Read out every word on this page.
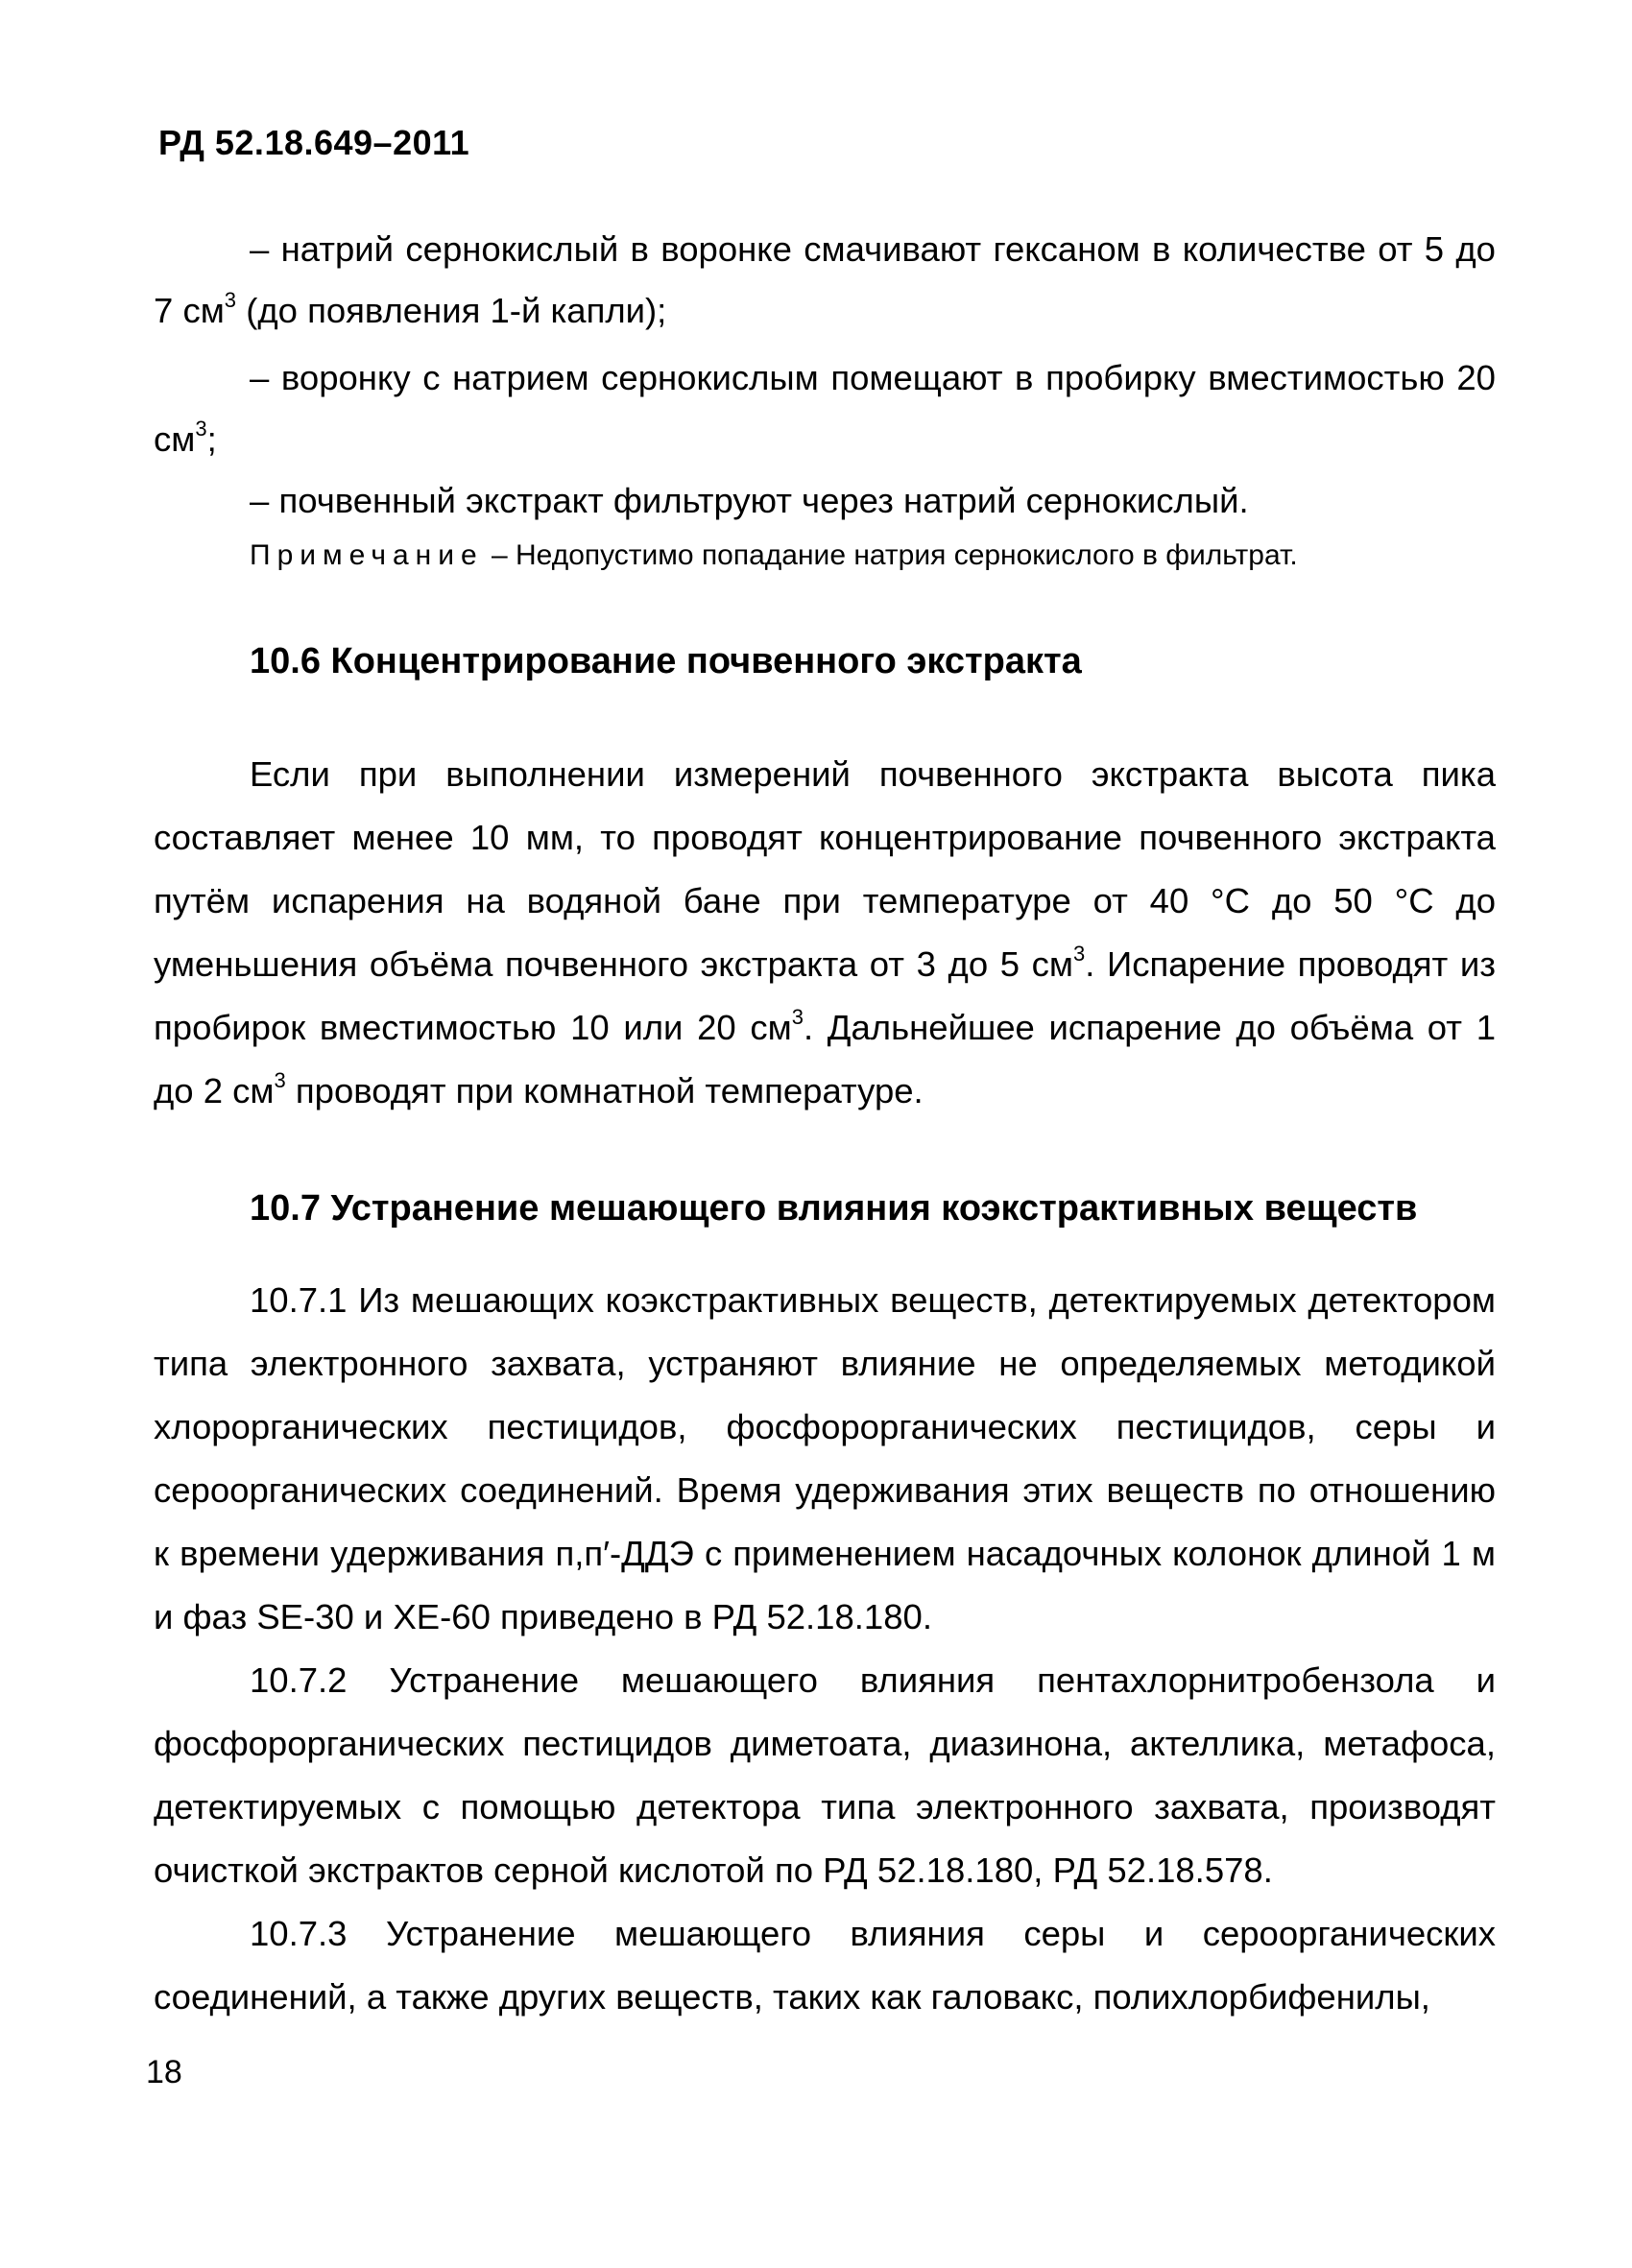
РД 52.18.649–2011

– натрий сернокислый в воронке смачивают гексаном в количестве от 5 до 7 $см^3$ (до появления 1-й капли);

– воронку с натрием сернокислым помещают в пробирку вместимостью 20 $см^3$;

– почвенный экстракт фильтруют через натрий сернокислый.

Примечание – Недопустимо попадание натрия сернокислого в фильтрат.

10.6 Концентрирование почвенного экстракта

Если при выполнении измерений почвенного экстракта высота пика составляет менее 10 мм, то проводят концентрирование почвенного экстракта путём испарения на водяной бане при температуре от 40 °С до 50 °С до уменьшения объёма почвенного экстракта от 3 до 5 $см^3$. Испарение проводят из пробирок вместимостью 10 или 20 $см^3$. Дальнейшее испарение до объёма от 1 до 2 $см^3$ проводят при комнатной температуре.

10.7 Устранение мешающего влияния коэкстрактивных веществ

10.7.1 Из мешающих коэкстрактивных веществ, детектируемых детектором типа электронного захвата, устраняют влияние не определяемых методикой хлорорганических пестицидов, фосфорорганических пестицидов, серы и сероорганических соединений. Время удерживания этих веществ по отношению к времени удерживания п,п′-ДДЭ с применением насадочных колонок длиной 1 м и фаз SE-30 и XE-60 приведено в РД 52.18.180.

10.7.2 Устранение мешающего влияния пентахлорнитробензола и фосфорорганических пестицидов диметоата, диазинона, актеллика, метафоса, детектируемых с помощью детектора типа электронного захвата, производят очисткой экстрактов серной кислотой по РД 52.18.180, РД 52.18.578.

10.7.3 Устранение мешающего влияния серы и сероорганических соединений, а также других веществ, таких как галовакс, полихлорбифенилы,

18
